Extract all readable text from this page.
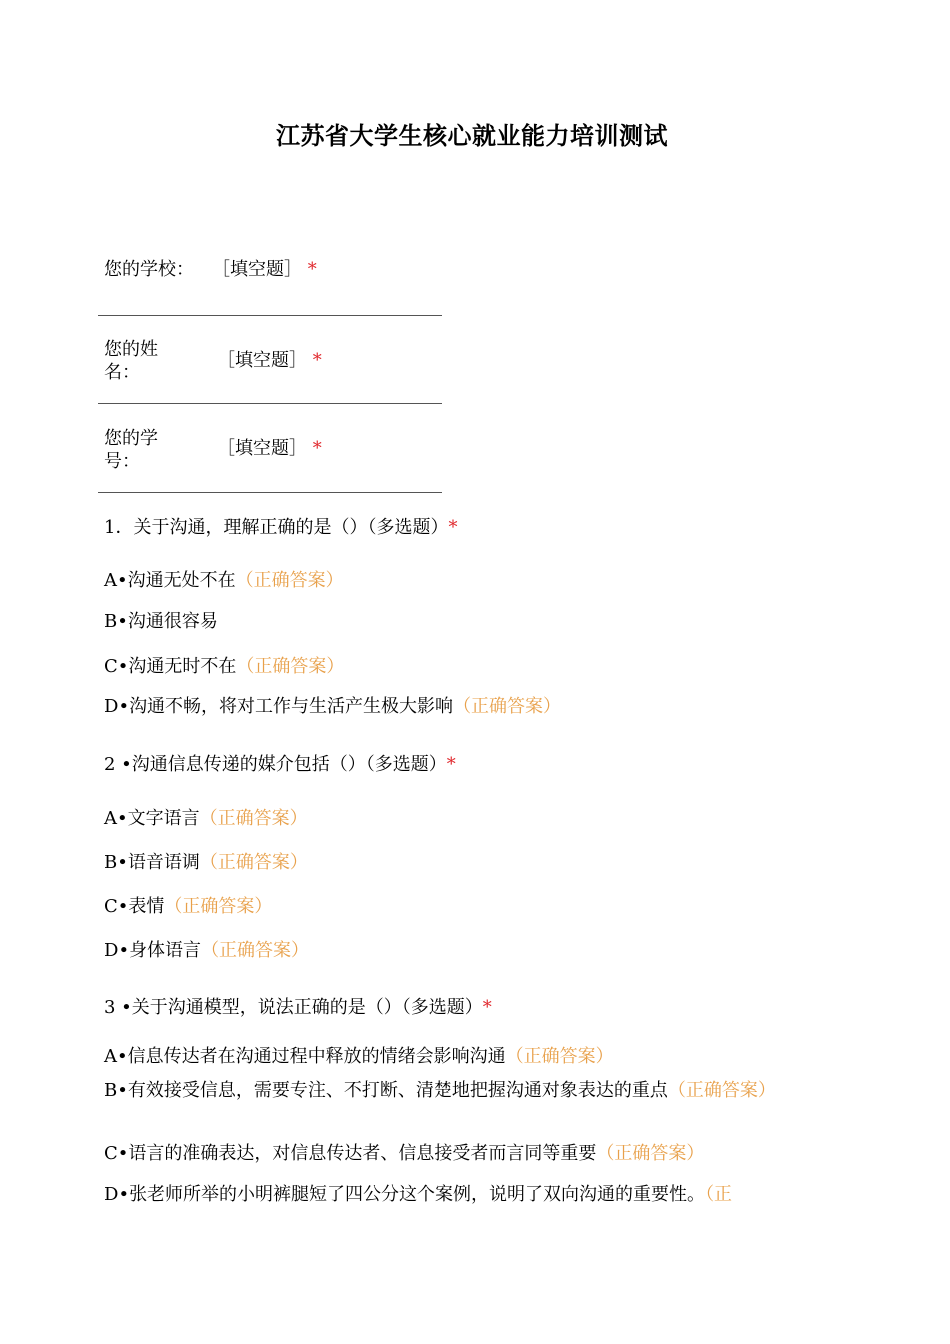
江苏省大学生核心就业能力培训测试
您的学校： ［填空题］ *
您的姓名：
［填空题］ *
您的学号：
［填空题］ *
1．关于沟通，理解正确的是（）（多选题）*
A•沟通无处不在（正确答案）
B•沟通很容易
C•沟通无时不在（正确答案）
D•沟通不畅，将对工作与生活产生极大影响（正确答案）
2 •沟通信息传递的媒介包括（）（多选题）*
A•文字语言（正确答案）
B•语音语调（正确答案）
C•表情（正确答案）
D•身体语言（正确答案）
3 •关于沟通模型，说法正确的是（）（多选题）*
A•信息传达者在沟通过程中释放的情绪会影响沟通（正确答案）
B•有效接受信息，需要专注、不打断、清楚地把握沟通对象表达的重点（正确答案）
C•语言的准确表达，对信息传达者、信息接受者而言同等重要（正确答案）
D•张老师所举的小明裤腿短了四公分这个案例，说明了双向沟通的重要性。（正
